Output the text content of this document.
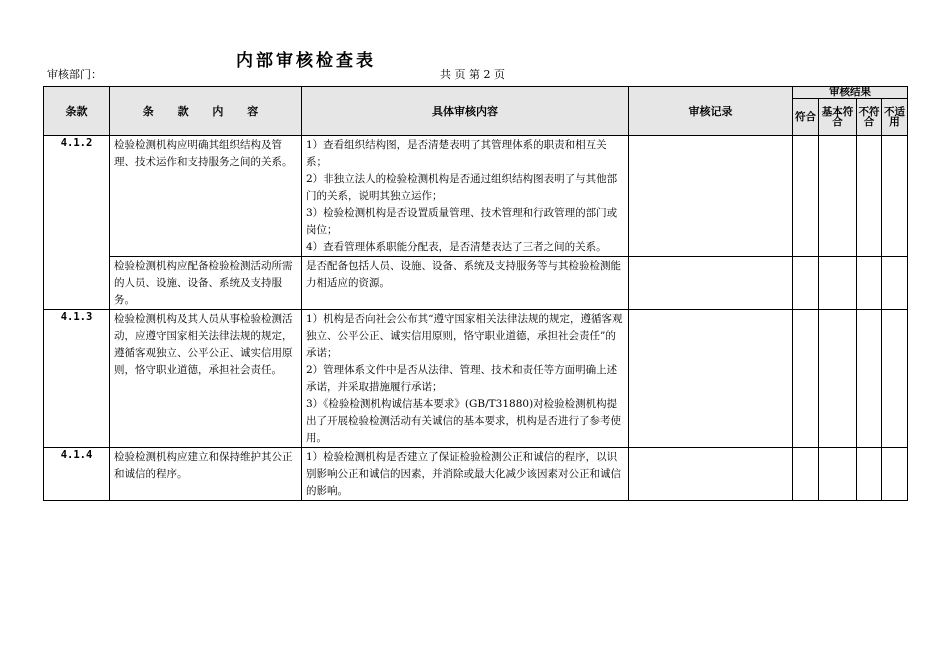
内部审核检查表
审核部门：	共 页 第 2 页
条款	条 款 内 容	具体审核内容	审核记录	审核结果			
				符合	基本符合	不符合	不适用
4.1.2	检验检测机构应明确其组织结构及管理、技术运作和支持服务之间的关系。	1）查看组织结构图，是否清楚表明了其管理体系的职责和相互关系；
2）非独立法人的检验检测机构是否通过组织结构图表明了与其他部门的关系，说明其独立运作；
3）检验检测机构是否设置质量管理、技术管理和行政管理的部门或岗位；
4）查看管理体系职能分配表，是否清楚表达了三者之间的关系。					

	检验检测机构应配备检验检测活动所需的人员、设施、设备、系统及支持服务。	是否配备包括人员、设施、设备、系统及支持服务等与其检验检测能力相适应的资源。					

4.1.3	检验检测机构及其人员从事检验检测活动，应遵守国家相关法律法规的规定，遵循客观独立、公平公正、诚实信用原则，恪守职业道德，承担社会责任。	1）机构是否向社会公布其“遵守国家相关法律法规的规定，遵循客观独立、公平公正、诚实信用原则，恪守职业道德，承担社会责任”的承诺；
2）管理体系文件中是否从法律、管理、技术和责任等方面明确上述承诺，并采取措施履行承诺；
3）《检验检测机构诚信基本要求》(GB/T31880)对检验检测机构提出了开展检验检测活动有关诚信的基本要求，机构是否进行了参考使用。					

4.1.4	检验检测机构应建立和保持维护其公正和诚信的程序。	1）检验检测机构是否建立了保证检验检测公正和诚信的程序，以识别影响公正和诚信的因素，并消除或最大化减少该因素对公正和诚信的影响。					
